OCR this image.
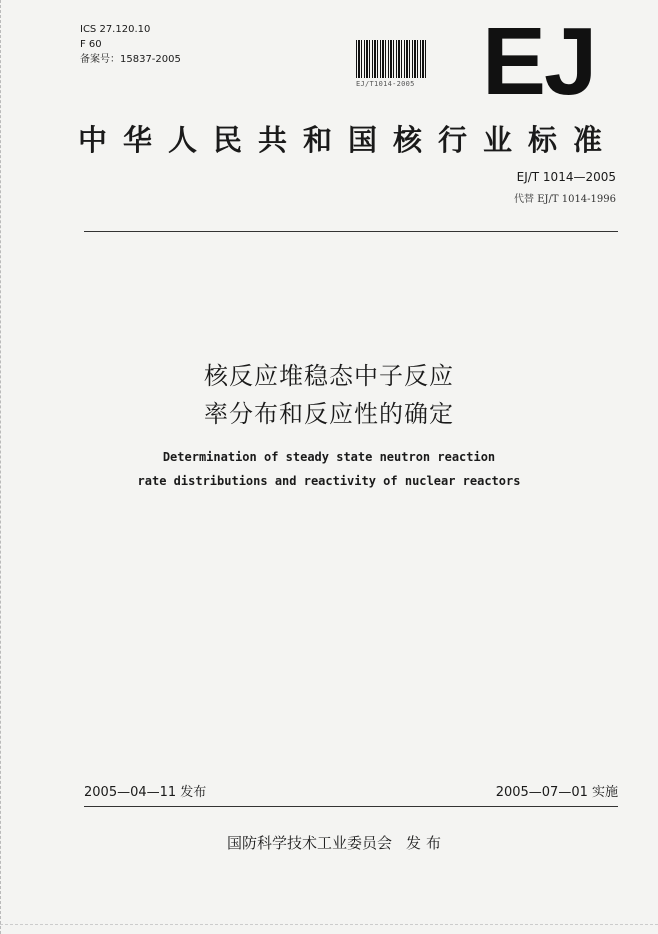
ICS 27.120.10
F 60
备案号：15837-2005
EJ/T1014-2005 EJ
中华人民共和国核行业标准
EJ/T 1014—2005
代替 EJ/T 1014-1996
核反应堆稳态中子反应
率分布和反应性的确定
Determination of steady state neutron reaction
rate distributions and reactivity of nuclear reactors
2005—04—11 发布	2005—07—01 实施
国防科学技术工业委员会 发布
